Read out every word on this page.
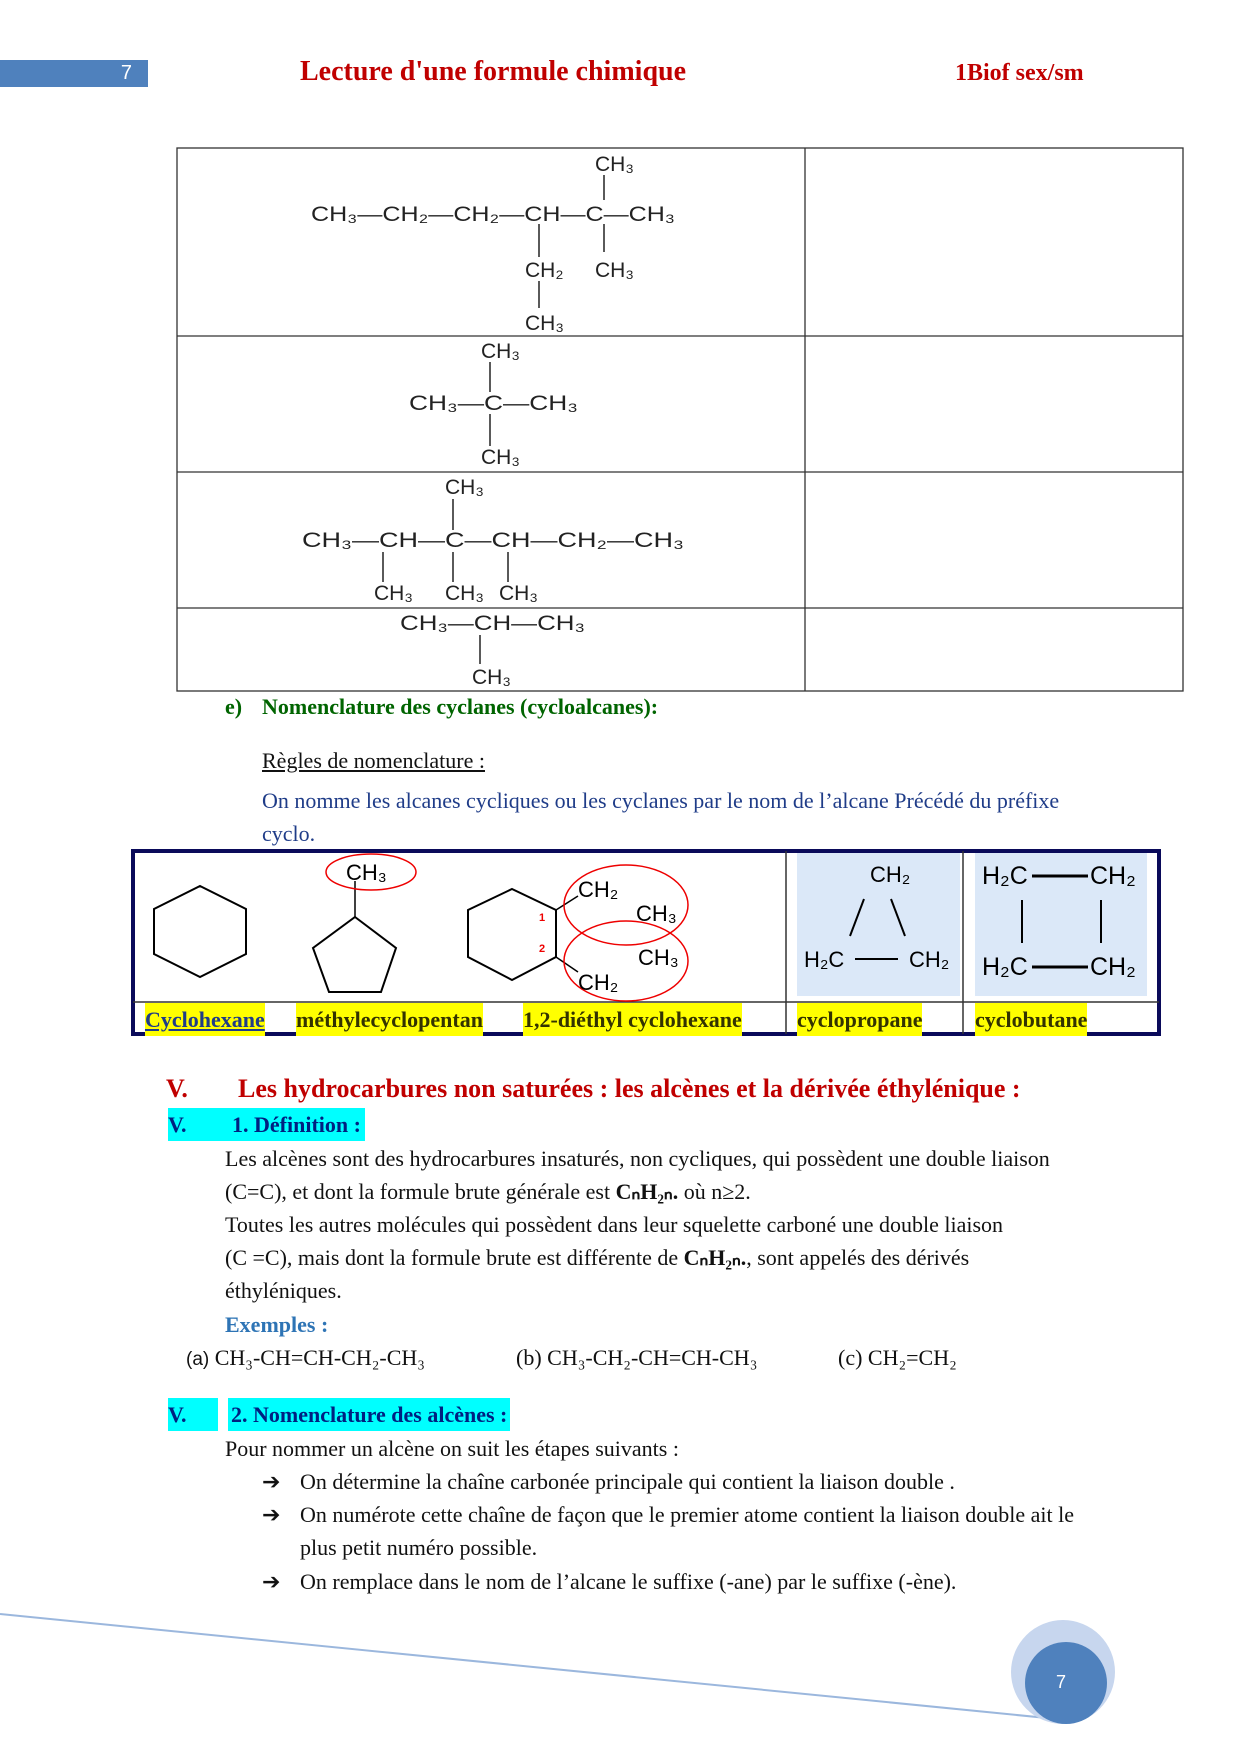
7	Lecture d'une formule chimique	1Biof sex/sm
CH₃
CH₃—CH₂—CH₂—CH—C—CH₃
CH₂ CH₃
CH₃
CH₃
CH₃—C—CH₃
CH₃
CH₃
CH₃—CH—C—CH—CH₂—CH₃
CH₃ CH₃ CH₃
CH₃—CH—CH₃
CH₃
CH₃
CH₂
CH₃
CH₃
CH₂
CH₂
H₂C	CH₂
H₂C CH₂
H₂C CH₂
1
2
7
Cyclohexane méthylecyclopentan 1,2-diéthyl cyclohexane	cyclopropane cyclobutane
e) Nomenclature des cyclanes (cycloalcanes):
Règles de nomenclature :
On nomme les alcanes cycliques ou les cyclanes par le nom de l’alcane Précédé du préfixe
cyclo.
V. Les hydrocarbures non saturées : les alcènes et la dérivée éthylénique :
V.	1. Définition :
Les alcènes sont des hydrocarbures insaturés, non cycliques, qui possèdent une double liaison
(C=C), et dont la formule brute générale est CₙH₂ₙ. où n≥2.
Toutes les autres molécules qui possèdent dans leur squelette carboné une double liaison
(C =C), mais dont la formule brute est différente de CₙH₂ₙ., sont appelés des dérivés
éthyléniques.
Exemples :
(a) CH₃-CH=CH-CH₂-CH₃	(b) CH₃-CH₂-CH=CH-CH₃	(c) CH₂=CH₂
V.	2. Nomenclature des alcènes :
Pour nommer un alcène on suit les étapes suivants :
➔ On détermine la chaîne carbonée principale qui contient la liaison double .
➔ On numérote cette chaîne de façon que le premier atome contient la liaison double ait le
plus petit numéro possible.
➔ On remplace dans le nom de l’alcane le suffixe (-ane) par le suffixe (-ène).
